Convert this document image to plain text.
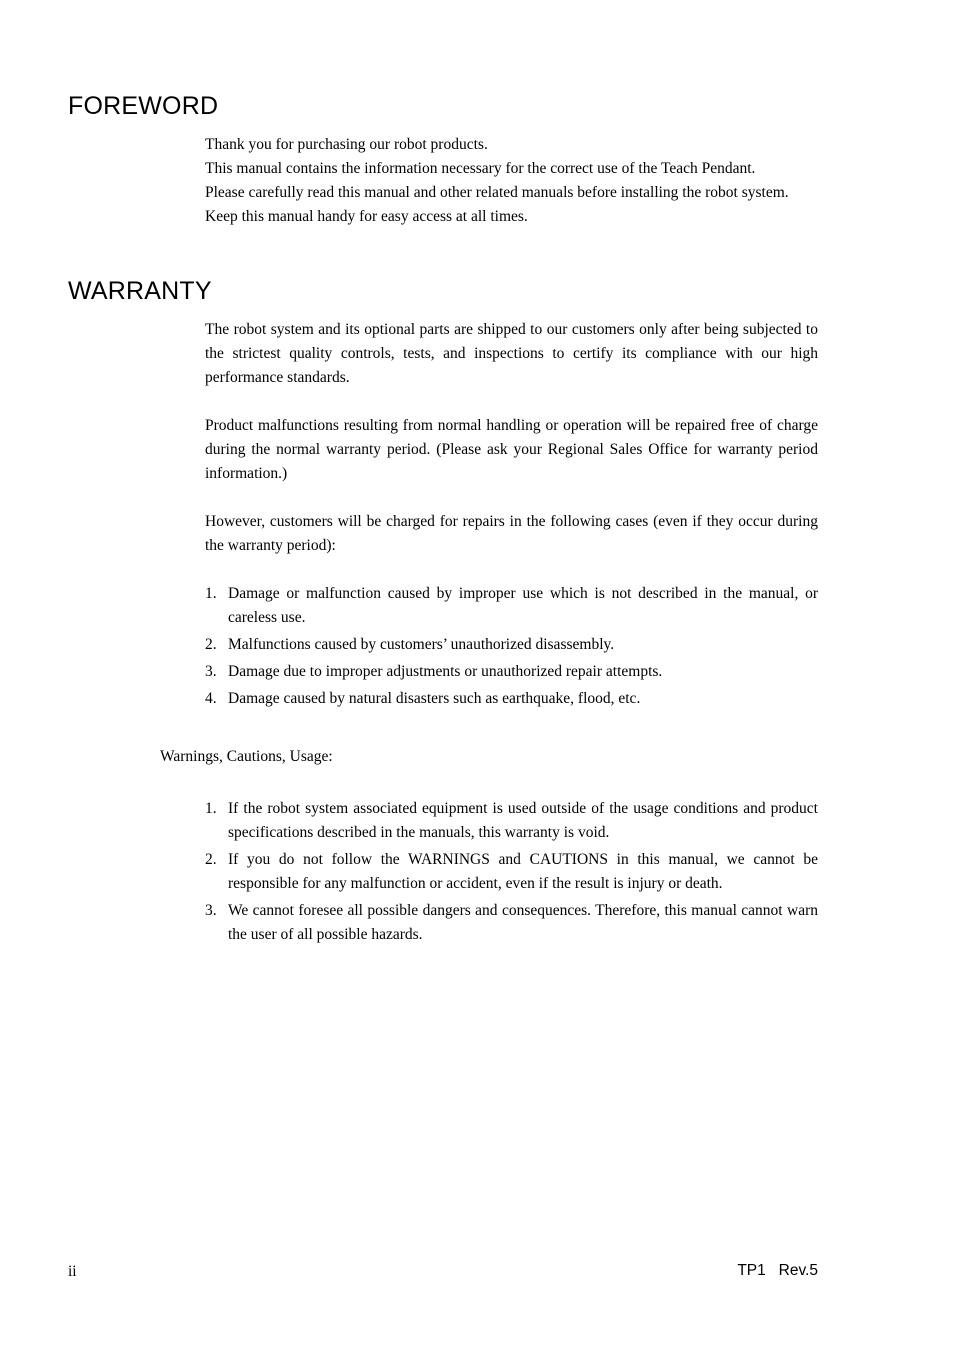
FOREWORD

Thank you for purchasing our robot products.

This manual contains the information necessary for the correct use of the Teach Pendant.

Please carefully read this manual and other related manuals before installing the robot system.

Keep this manual handy for easy access at all times.

WARRANTY

The robot system and its optional parts are shipped to our customers only after being subjected to the strictest quality controls, tests, and inspections to certify its compliance with our high performance standards.

Product malfunctions resulting from normal handling or operation will be repaired free of charge during the normal warranty period. (Please ask your Regional Sales Office for warranty period information.)

However, customers will be charged for repairs in the following cases (even if they occur during the warranty period):

1. Damage or malfunction caused by improper use which is not described in the manual, or careless use.
2. Malfunctions caused by customers’ unauthorized disassembly.
3. Damage due to improper adjustments or unauthorized repair attempts.
4. Damage caused by natural disasters such as earthquake, flood, etc.
Warnings, Cautions, Usage:
1. If the robot system associated equipment is used outside of the usage conditions and product specifications described in the manuals, this warranty is void.
2. If you do not follow the WARNINGS and CAUTIONS in this manual, we cannot be responsible for any malfunction or accident, even if the result is injury or death.
3. We cannot foresee all possible dangers and consequences. Therefore, this manual cannot warn the user of all possible hazards.
ii	TP1   Rev.5
